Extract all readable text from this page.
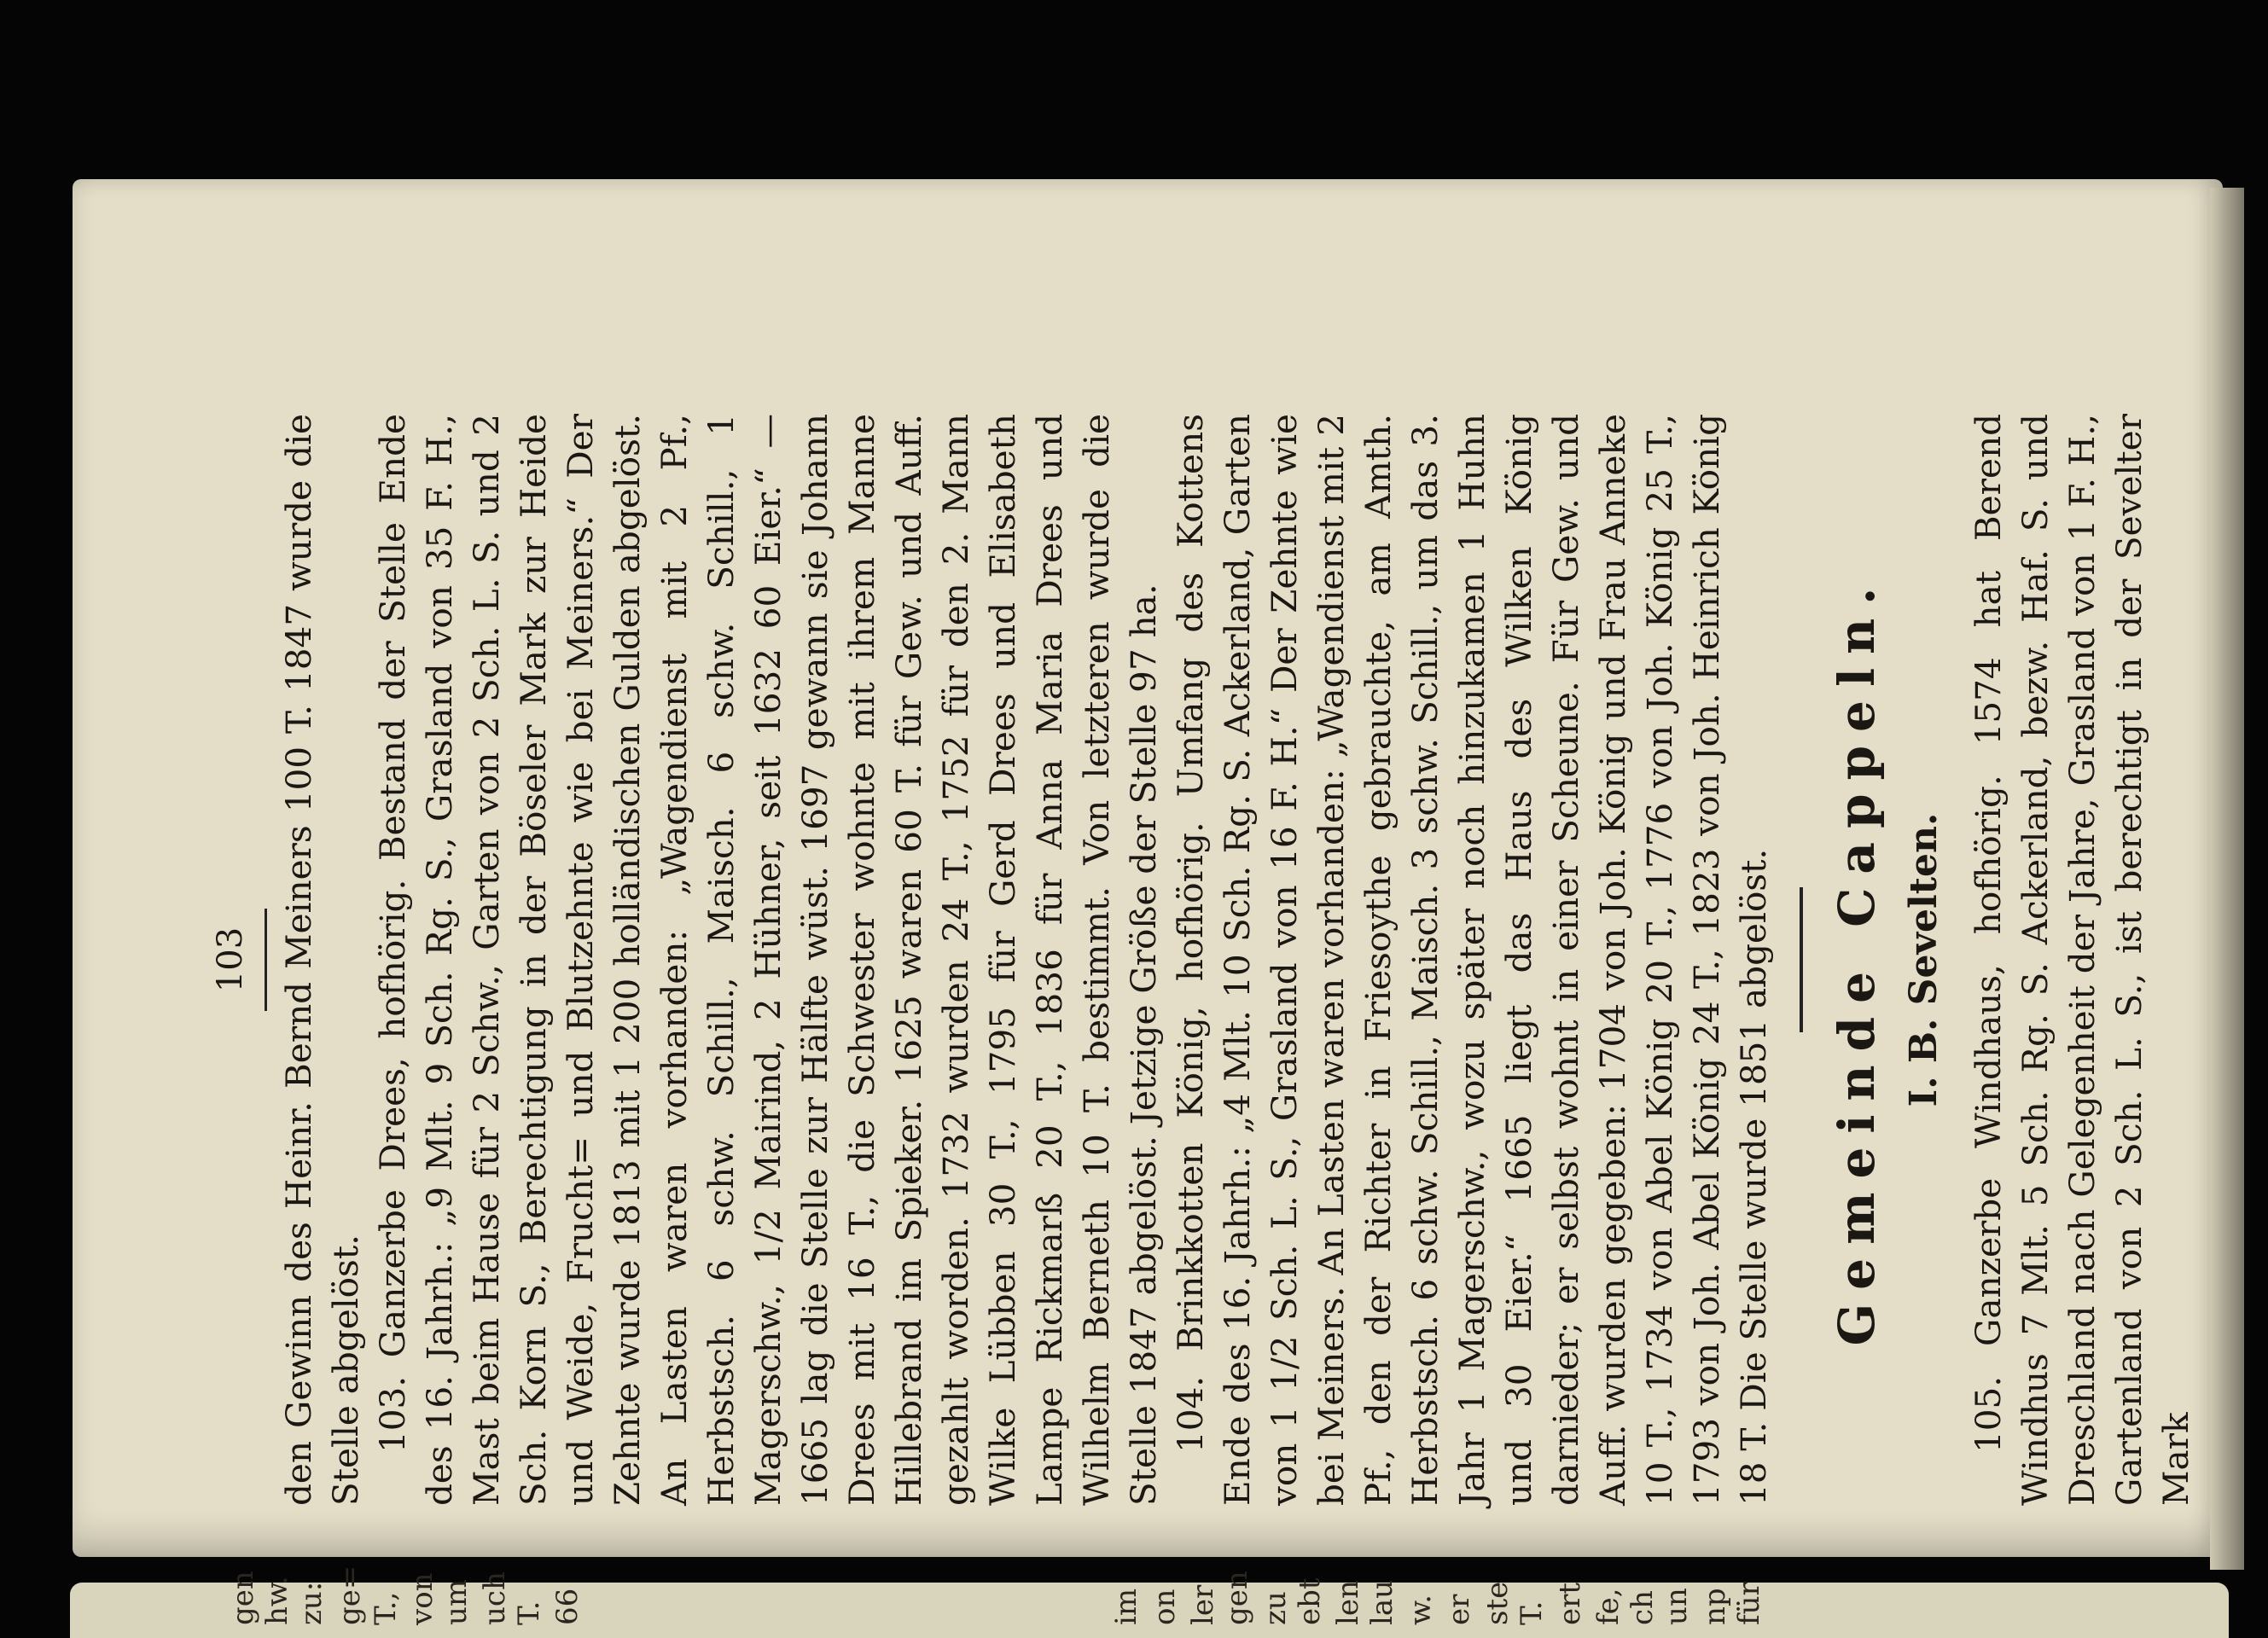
103 den Gewinn des Heinr. Bernd Meiners 100 T. 1847 wurde die Stelle abgelöst. 103. Ganzerbe Drees, hofhörig. Bestand der Stelle Ende des 16. Jahrh.: „9 Mlt. 9 Sch. Rg. S., Grasland von 35 F. H., Mast beim Hause für 2 Schw., Garten von 2 Sch. L. S. und 2 Sch. Korn S., Berechtigung in der Böseler Mark zur Heide und Weide, Frucht= und Blutzehnte wie bei Meiners.“ Der Zehnte wurde 1813 mit 1 200 holländischen Gulden abgelöst. An Lasten waren vorhanden: „Wagendienst mit 2 Pf., Herbstsch. 6 schw. Schill., Maisch. 6 schw. Schill., 1 Magerschw., 1/2 Mairind, 2 Hühner, seit 1632 60 Eier.“ — 1665 lag die Stelle zur Hälfte wüst. 1697 gewann sie Johann Drees mit 16 T., die Schwester wohnte mit ihrem Manne Hillebrand im Spieker. 1625 waren 60 T. für Gew. und Auff. gezahlt worden. 1732 wurden 24 T., 1752 für den 2. Mann Wilke Lübben 30 T., 1795 für Gerd Drees und Elisabeth Lampe Rickmarß 20 T., 1836 für Anna Maria Drees und Wilhelm Berneth 10 T. bestimmt. Von letzteren wurde die Stelle 1847 abgelöst. Jetzige Größe der Stelle 97 ha. 104. Brinkkotten König, hofhörig. Umfang des Kottens Ende des 16. Jahrh.: „4 Mlt. 10 Sch. Rg. S. Ackerland, Garten von 1 1/2 Sch. L. S., Grasland von 16 F. H.“ Der Zehnte wie bei Meiners. An Lasten waren vorhanden: „Wagendienst mit 2 Pf., den der Richter in Friesoythe gebrauchte, am Amth. Herbstsch. 6 schw. Schill., Maisch. 3 schw. Schill., um das 3. Jahr 1 Magerschw., wozu später noch hinzukamen 1 Huhn und 30 Eier.“ 1665 liegt das Haus des Wilken König darnieder; er selbst wohnt in einer Scheune. Für Gew. und Auff. wurden gegeben: 1704 von Joh. König und Frau Anneke 10 T., 1734 von Abel König 20 T., 1776 von Joh. König 25 T., 1793 von Joh. Abel König 24 T., 1823 von Joh. Heinrich König 18 T. Die Stelle wurde 1851 abgelöst. Gemeinde Cappeln. I. B. Sevelten. 105. Ganzerbe Windhaus, hofhörig. 1574 hat Berend Windhus 7 Mlt. 5 Sch. Rg. S. Ackerland, bezw. Haf. S. und Dreschland nach Gelegenheit der Jahre, Grasland von 1 F. H., Gartenland von 2 Sch. L. S., ist berechtigt in der Sevelter Mark

gen hw. zu: ge= T., von um uch T. 66	im on ler gen zu ebt len lau w. er ste T. ert fe, ch un np für
